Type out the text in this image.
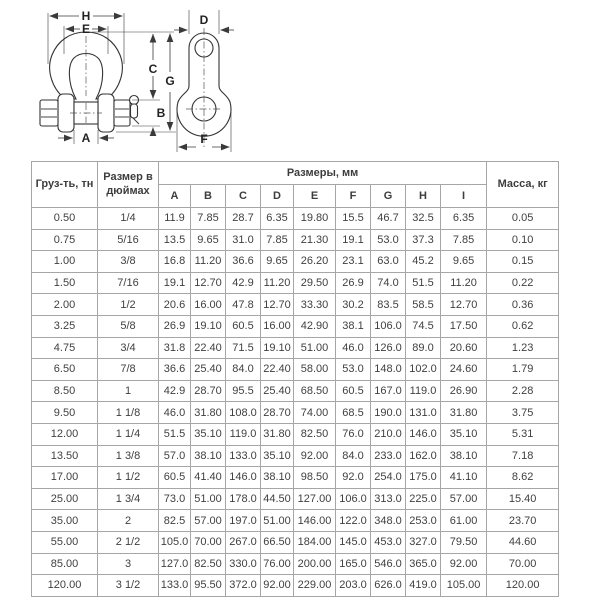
H
E
C
B
G
A
D
F
Груз-ть, тн	Размер в дюймах	Размеры, мм									Масса, кг
		A	B	C	D	E	F	G	H	I	
0.50	1/4	11.9	7.85	28.7	6.35	19.80	15.5	46.7	32.5	6.35	0.05
0.75	5/16	13.5	9.65	31.0	7.85	21.30	19.1	53.0	37.3	7.85	0.10
1.00	3/8	16.8	11.20	36.6	9.65	26.20	23.1	63.0	45.2	9.65	0.15
1.50	7/16	19.1	12.70	42.9	11.20	29.50	26.9	74.0	51.5	11.20	0.22
2.00	1/2	20.6	16.00	47.8	12.70	33.30	30.2	83.5	58.5	12.70	0.36
3.25	5/8	26.9	19.10	60.5	16.00	42.90	38.1	106.0	74.5	17.50	0.62
4.75	3/4	31.8	22.40	71.5	19.10	51.00	46.0	126.0	89.0	20.60	1.23
6.50	7/8	36.6	25.40	84.0	22.40	58.00	53.0	148.0	102.0	24.60	1.79
8.50	1	42.9	28.70	95.5	25.40	68.50	60.5	167.0	119.0	26.90	2.28
9.50	1 1/8	46.0	31.80	108.0	28.70	74.00	68.5	190.0	131.0	31.80	3.75
12.00	1 1/4	51.5	35.10	119.0	31.80	82.50	76.0	210.0	146.0	35.10	5.31
13.50	1 3/8	57.0	38.10	133.0	35.10	92.00	84.0	233.0	162.0	38.10	7.18
17.00	1 1/2	60.5	41.40	146.0	38.10	98.50	92.0	254.0	175.0	41.10	8.62
25.00	1 3/4	73.0	51.00	178.0	44.50	127.00	106.0	313.0	225.0	57.00	15.40
35.00	2	82.5	57.00	197.0	51.00	146.00	122.0	348.0	253.0	61.00	23.70
55.00	2 1/2	105.0	70.00	267.0	66.50	184.00	145.0	453.0	327.0	79.50	44.60
85.00	3	127.0	82.50	330.0	76.00	200.00	165.0	546.0	365.0	92.00	70.00
120.00	3 1/2	133.0	95.50	372.0	92.00	229.00	203.0	626.0	419.0	105.00	120.00
